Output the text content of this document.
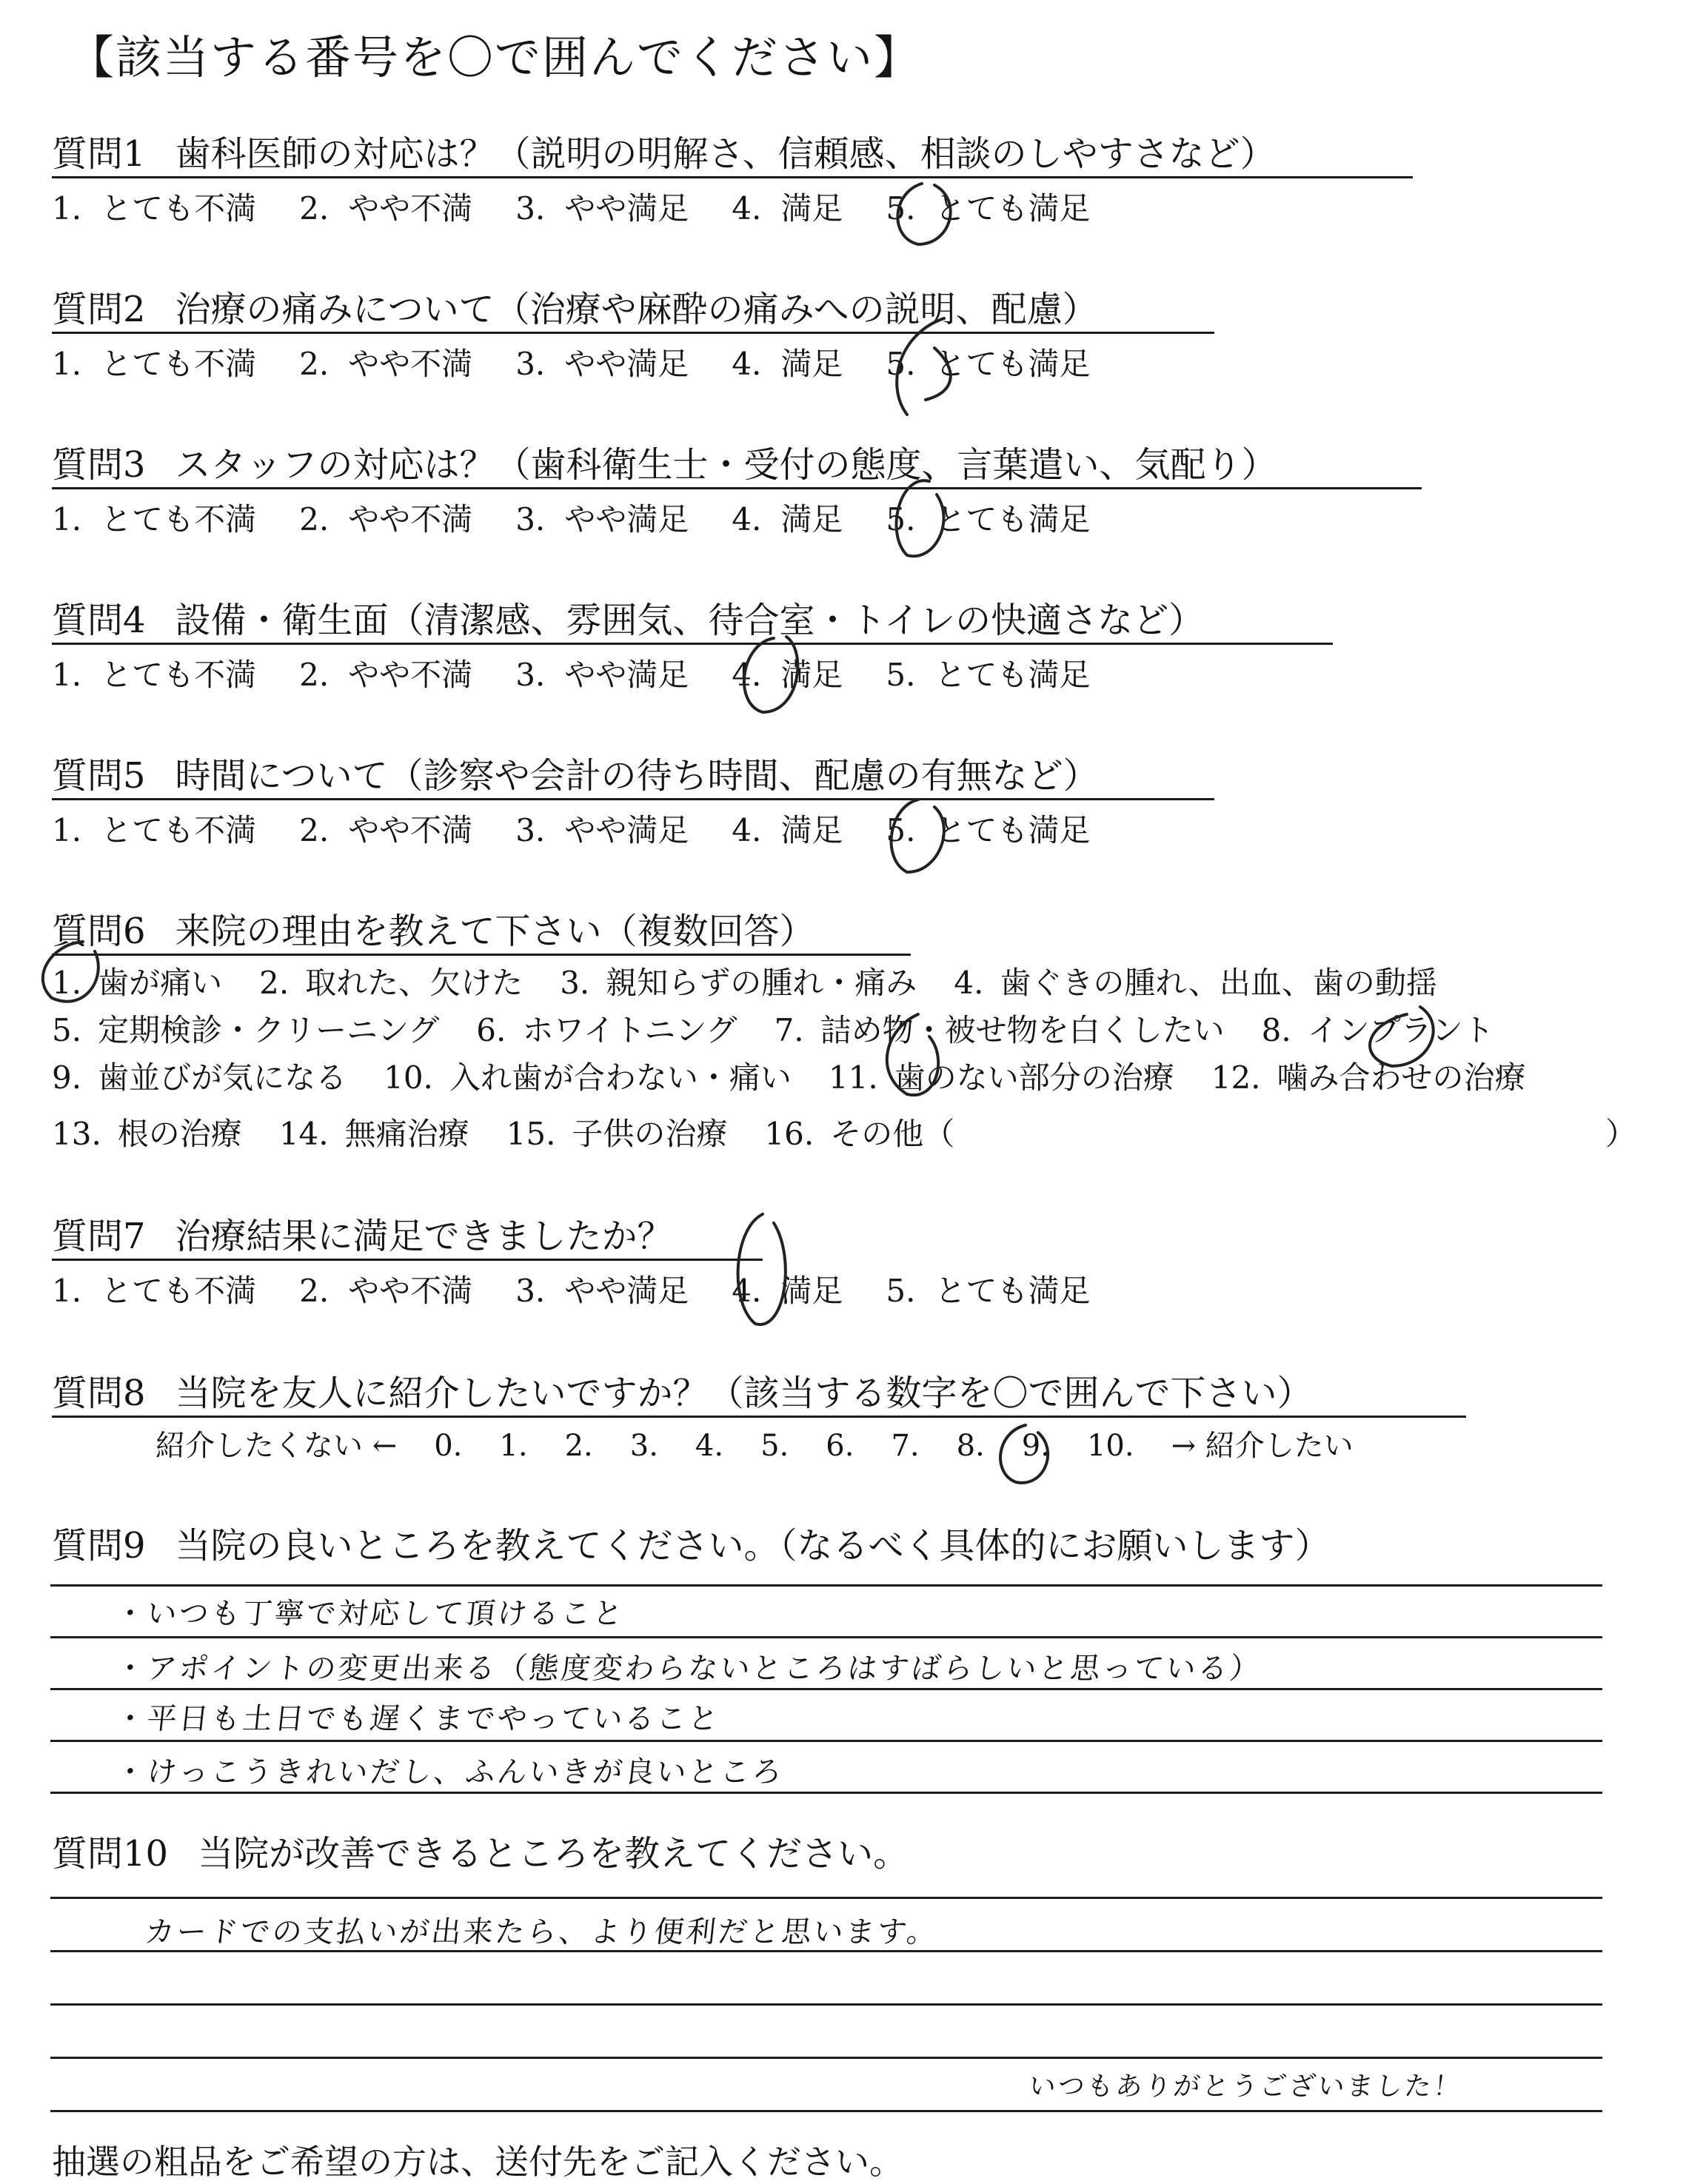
【該当する番号を〇で囲んでください】
質問1 歯科医師の対応は？（説明の明解さ、信頼感、相談のしやすさなど）
1. とても不満 2. やや不満 3. やや満足 4. 満足 5. とても満足
質問2 治療の痛みについて（治療や麻酔の痛みへの説明、配慮）
1. とても不満 2. やや不満 3. やや満足 4. 満足 5. とても満足
質問3 スタッフの対応は？（歯科衛生士・受付の態度、言葉遣い、気配り）
1. とても不満 2. やや不満 3. やや満足 4. 満足 5. とても満足
質問4 設備・衛生面（清潔感、雰囲気、待合室・トイレの快適さなど）
1. とても不満 2. やや不満 3. やや満足 4. 満足 5. とても満足
質問5 時間について（診察や会計の待ち時間、配慮の有無など）
1. とても不満 2. やや不満 3. やや満足 4. 満足 5. とても満足
質問6 来院の理由を教えて下さい（複数回答）
1. 歯が痛い 2. 取れた、欠けた 3. 親知らずの腫れ・痛み 4. 歯ぐきの腫れ、出血、歯の動揺
5. 定期検診・クリーニング 6. ホワイトニング 7. 詰め物・被せ物を白くしたい 8. インプラント
9. 歯並びが気になる 10. 入れ歯が合わない・痛い 11. 歯のない部分の治療 12. 噛み合わせの治療
13. 根の治療 14. 無痛治療 15. 子供の治療 16. その他（	）
質問7 治療結果に満足できましたか？
1. とても不満 2. やや不満 3. やや満足 4. 満足 5. とても満足
質問8 当院を友人に紹介したいですか？（該当する数字を〇で囲んで下さい）
紹介したくない ← 0. 1. 2. 3. 4. 5. 6. 7. 8. 9. 10. → 紹介したい
質問9 当院の良いところを教えてください。（なるべく具体的にお願いします）
・いつも丁寧で対応して頂けること
・アポイントの変更出来る（態度変わらないところはすばらしいと思っている）
・平日も土日でも遅くまでやっていること
・けっこうきれいだし、ふんいきが良いところ
質問10 当院が改善できるところを教えてください。
カードでの支払いが出来たら、より便利だと思います。
いつもありがとうございました！
抽選の粗品をご希望の方は、送付先をご記入ください。
